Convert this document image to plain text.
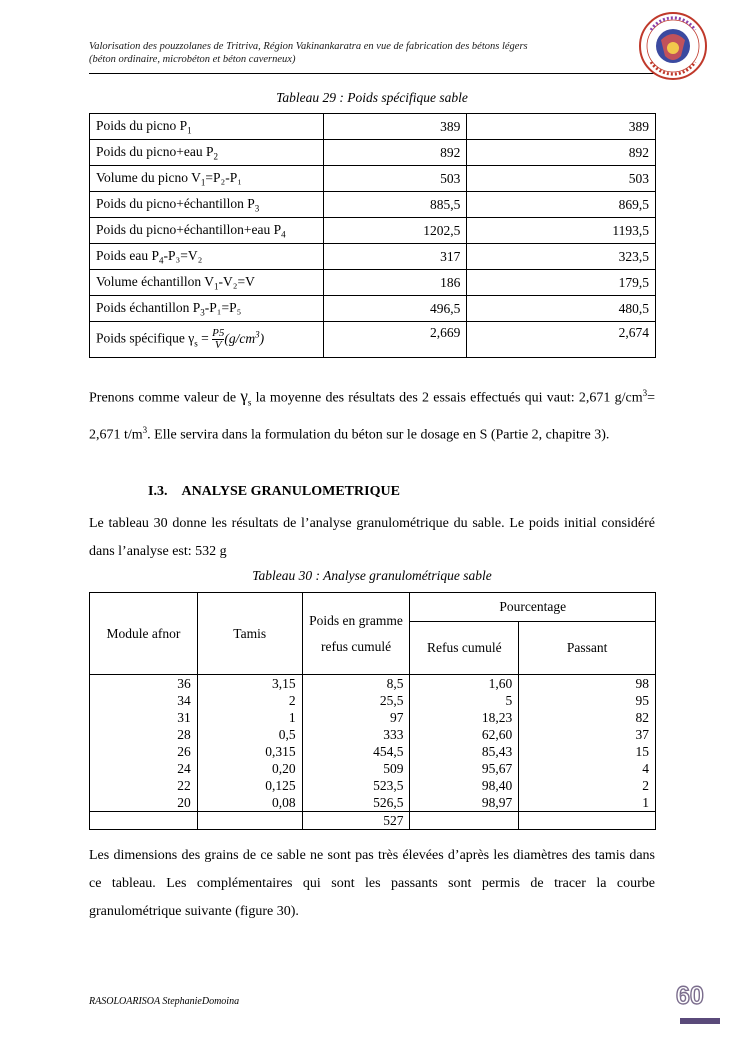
Valorisation des pouzzolanes de Tritriva, Région Vakinankaratra en vue de fabrication des bétons légers
(béton ordinaire, microbéton et béton caverneux)
Tableau 29 : Poids spécifique sable
Poids du picno $P_1$	389	389
Poids du picno+eau $P_2$	892	892
Volume du picno $V_1=P_2-P_1$	503	503
Poids du picno+échantillon $P_3$	885,5	869,5
Poids du picno+échantillon+eau $P_4$	1202,5	1193,5
Poids eau $P_4-P_3=V_2$	317	323,5
Volume échantillon $V_1-V_2=V$	186	179,5
Poids échantillon $P_3-P_1=P_5$	496,5	480,5
Poids spécifique $\gamma_s = \frac{P5}{V} (g/cm^3)$	2,669	2,674
Prenons comme valeur de $\gamma_s$ la moyenne des résultats des 2 essais effectués qui vaut: 2,671 $g/cm^3= 2,671$ $t/m^3$. Elle servira dans la formulation du béton sur le dosage en S (Partie 2, chapitre 3).
I.3. ANALYSE GRANULOMETRIQUE
Le tableau 30 donne les résultats de l’analyse granulométrique du sable. Le poids initial considéré dans l’analyse est: 532 g
Tableau 30 : Analyse granulométrique sable
Module afnor	Tamis	Poids en gramme refus cumulé	Pourcentage	
			Refus cumulé	Passant
36	3,15	8,5	1,60	98
34	2	25,5	5	95
31	1	97	18,23	82
28	0,5	333	62,60	37
26	0,315	454,5	85,43	15
24	0,20	509	95,67	4
22	0,125	523,5	98,40	2
20	0,08	526,5	98,97	1
		527		
Les dimensions des grains de ce sable ne sont pas très élevées d’après les diamètres des tamis dans ce tableau. Les complémentaires qui sont les passants sont permis de tracer la courbe granulométrique suivante (figure 30).
RASOLOARISOA StephanieDomoina	60
